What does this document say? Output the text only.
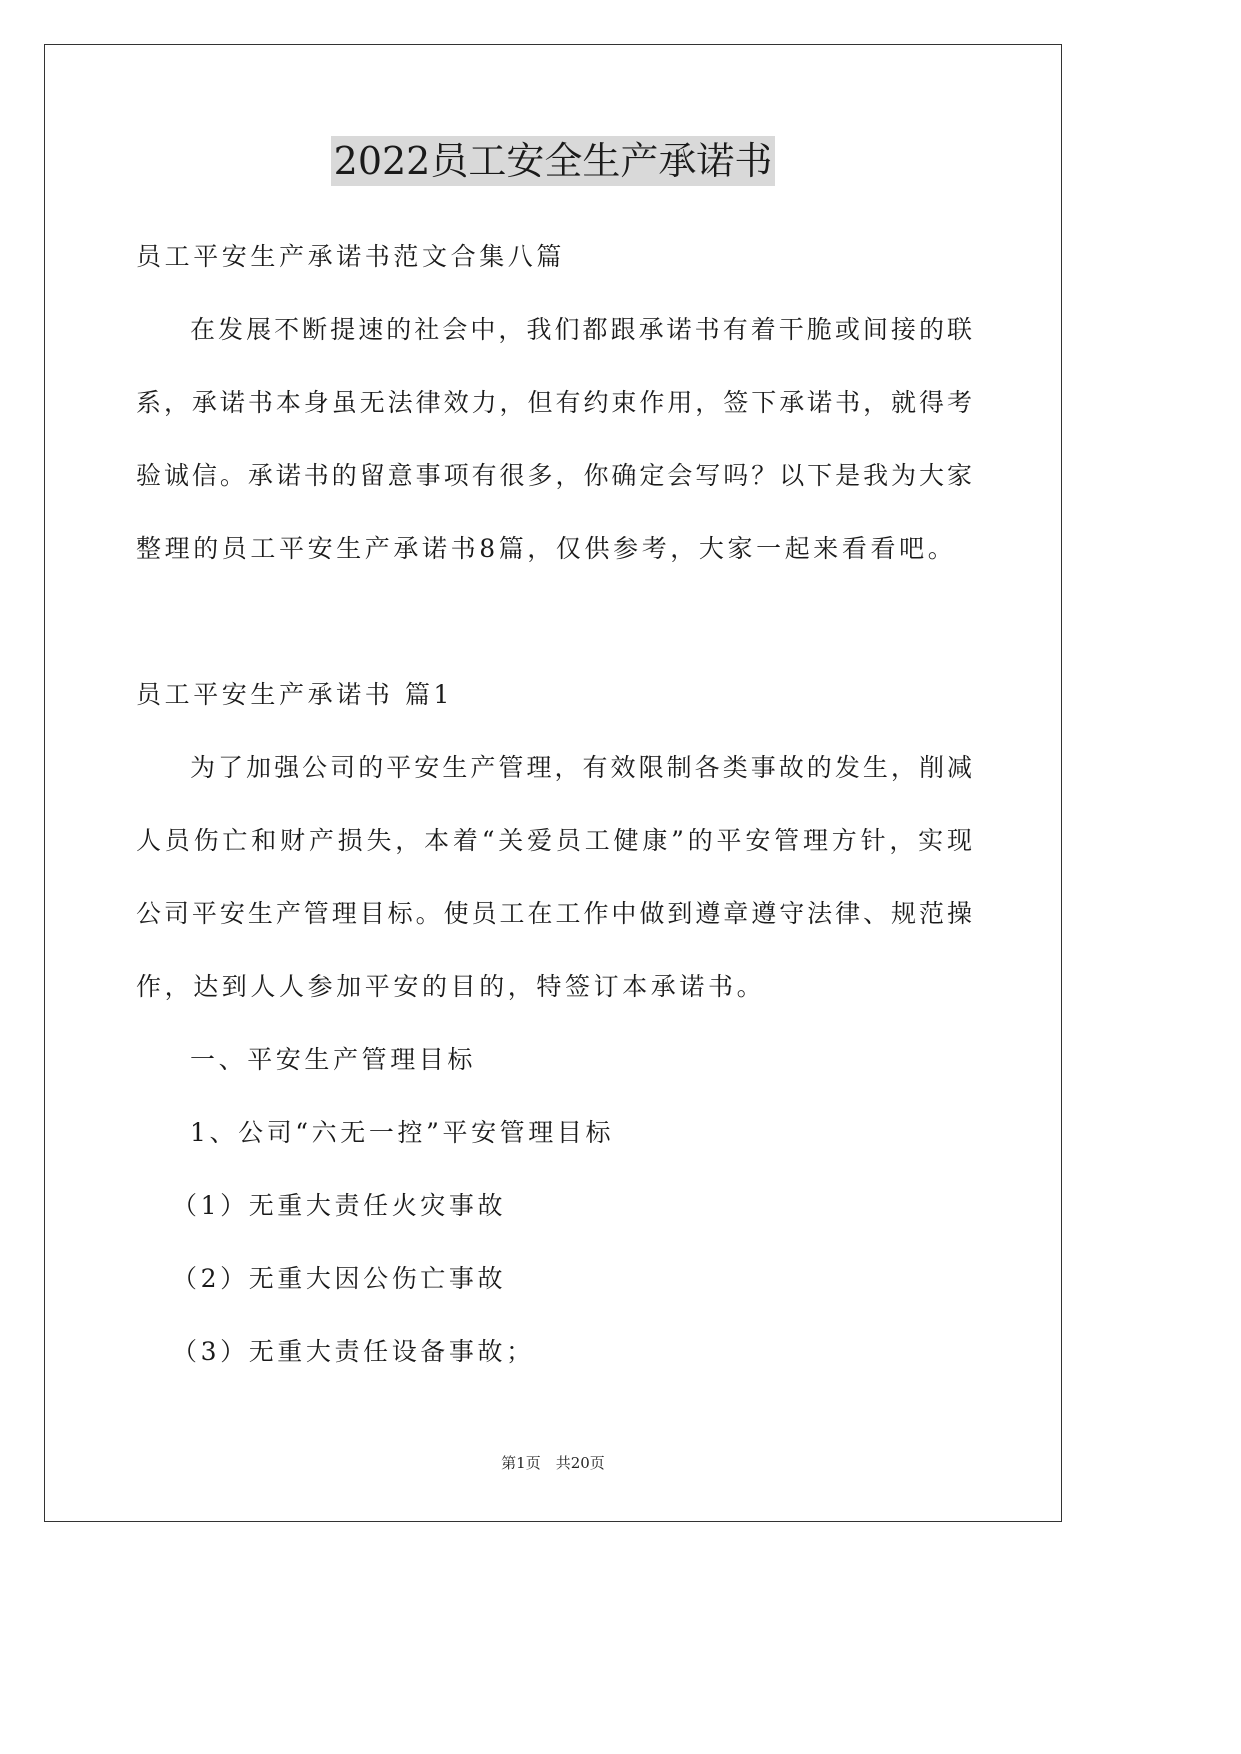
2022员工安全生产承诺书

员工平安生产承诺书范文合集八篇

在发展不断提速的社会中，我们都跟承诺书有着干脆或间接的联

系，承诺书本身虽无法律效力，但有约束作用，签下承诺书，就得考

验诚信。承诺书的留意事项有很多，你确定会写吗？以下是我为大家

整理的员工平安生产承诺书8篇，仅供参考，大家一起来看看吧。

员工平安生产承诺书 篇1

为了加强公司的平安生产管理，有效限制各类事故的发生，削减

人员伤亡和财产损失，本着“关爱员工健康”的平安管理方针，实现

公司平安生产管理目标。使员工在工作中做到遵章遵守法律、规范操

作，达到人人参加平安的目的，特签订本承诺书。

一、平安生产管理目标

1、公司“六无一控”平安管理目标

（1）无重大责任火灾事故

（2）无重大因公伤亡事故

（3）无重大责任设备事故；

第1页　共20页
